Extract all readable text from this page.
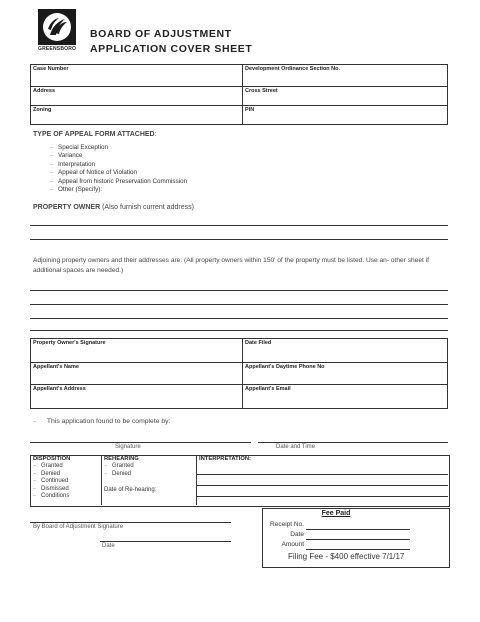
GREENSBORO
BOARD OF ADJUSTMENT
APPLICATION COVER SHEET
Case Number	Development Ordinance Section No.
Address	Cross Street
Zoning	PIN
TYPE OF APPEAL FORM ATTACHED:
– Special Exception
– Variance
– Interpretation
– Appeal of Notice of Violation
– Appeal from historic Preservation Commission
– Other (Specify):
PROPERTY OWNER (Also furnish current address)
Adjoining property owners and their addresses are: (All property owners within 150' of the property must be listed. Use an- other sheet if additional spaces are needed.)
Property Owner's Signature	Date Filed
Appellant's Name	Appellant's Daytime Phone No
Appellant's Address	Appellant's Email
– This application found to be complete by:
Signature	Date and Time
DISPOSITION
– Granted
– Denied
– Continued
– Dismissed
– Conditions
REHEARING
– Granted
– Denied
Date of Re-hearing:
INTERPRETATION:
By Board of Adjustment Signature
Date
Fee Paid
Receipt No.
Date
Amount
Filing Fee - $400 effective 7/1/17
